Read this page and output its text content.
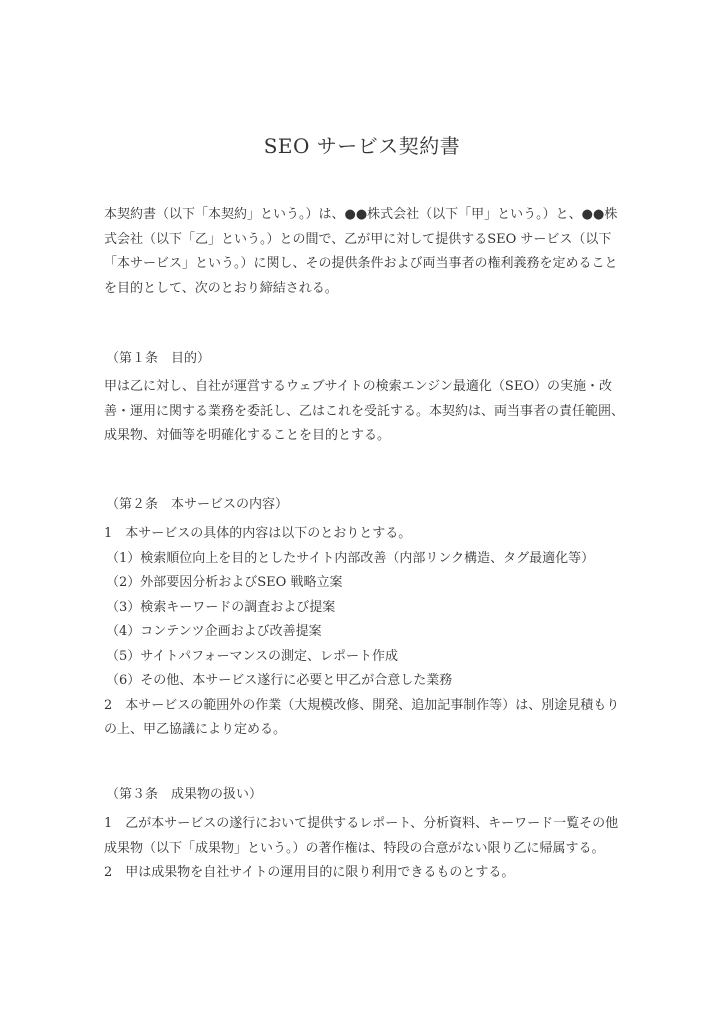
SEO サービス契約書
本契約書（以下「本契約」という。）は、●●株式会社（以下「甲」という。）と、●●株
式会社（以下「乙」という。）との間で、乙が甲に対して提供するSEO サービス（以下
「本サービス」という。）に関し、その提供条件および両当事者の権利義務を定めること
を目的として、次のとおり締結される。
（第１条　目的）
甲は乙に対し、自社が運営するウェブサイトの検索エンジン最適化（SEO）の実施・改
善・運用に関する業務を委託し、乙はこれを受託する。本契約は、両当事者の責任範囲、
成果物、対価等を明確化することを目的とする。
（第２条　本サービスの内容）
1　本サービスの具体的内容は以下のとおりとする。
（1）検索順位向上を目的としたサイト内部改善（内部リンク構造、タグ最適化等）
（2）外部要因分析およびSEO 戦略立案
（3）検索キーワードの調査および提案
（4）コンテンツ企画および改善提案
（5）サイトパフォーマンスの測定、レポート作成
（6）その他、本サービス遂行に必要と甲乙が合意した業務
2　本サービスの範囲外の作業（大規模改修、開発、追加記事制作等）は、別途見積もり
の上、甲乙協議により定める。
（第３条　成果物の扱い）
1　乙が本サービスの遂行において提供するレポート、分析資料、キーワード一覧その他
成果物（以下「成果物」という。）の著作権は、特段の合意がない限り乙に帰属する。
2　甲は成果物を自社サイトの運用目的に限り利用できるものとする。
